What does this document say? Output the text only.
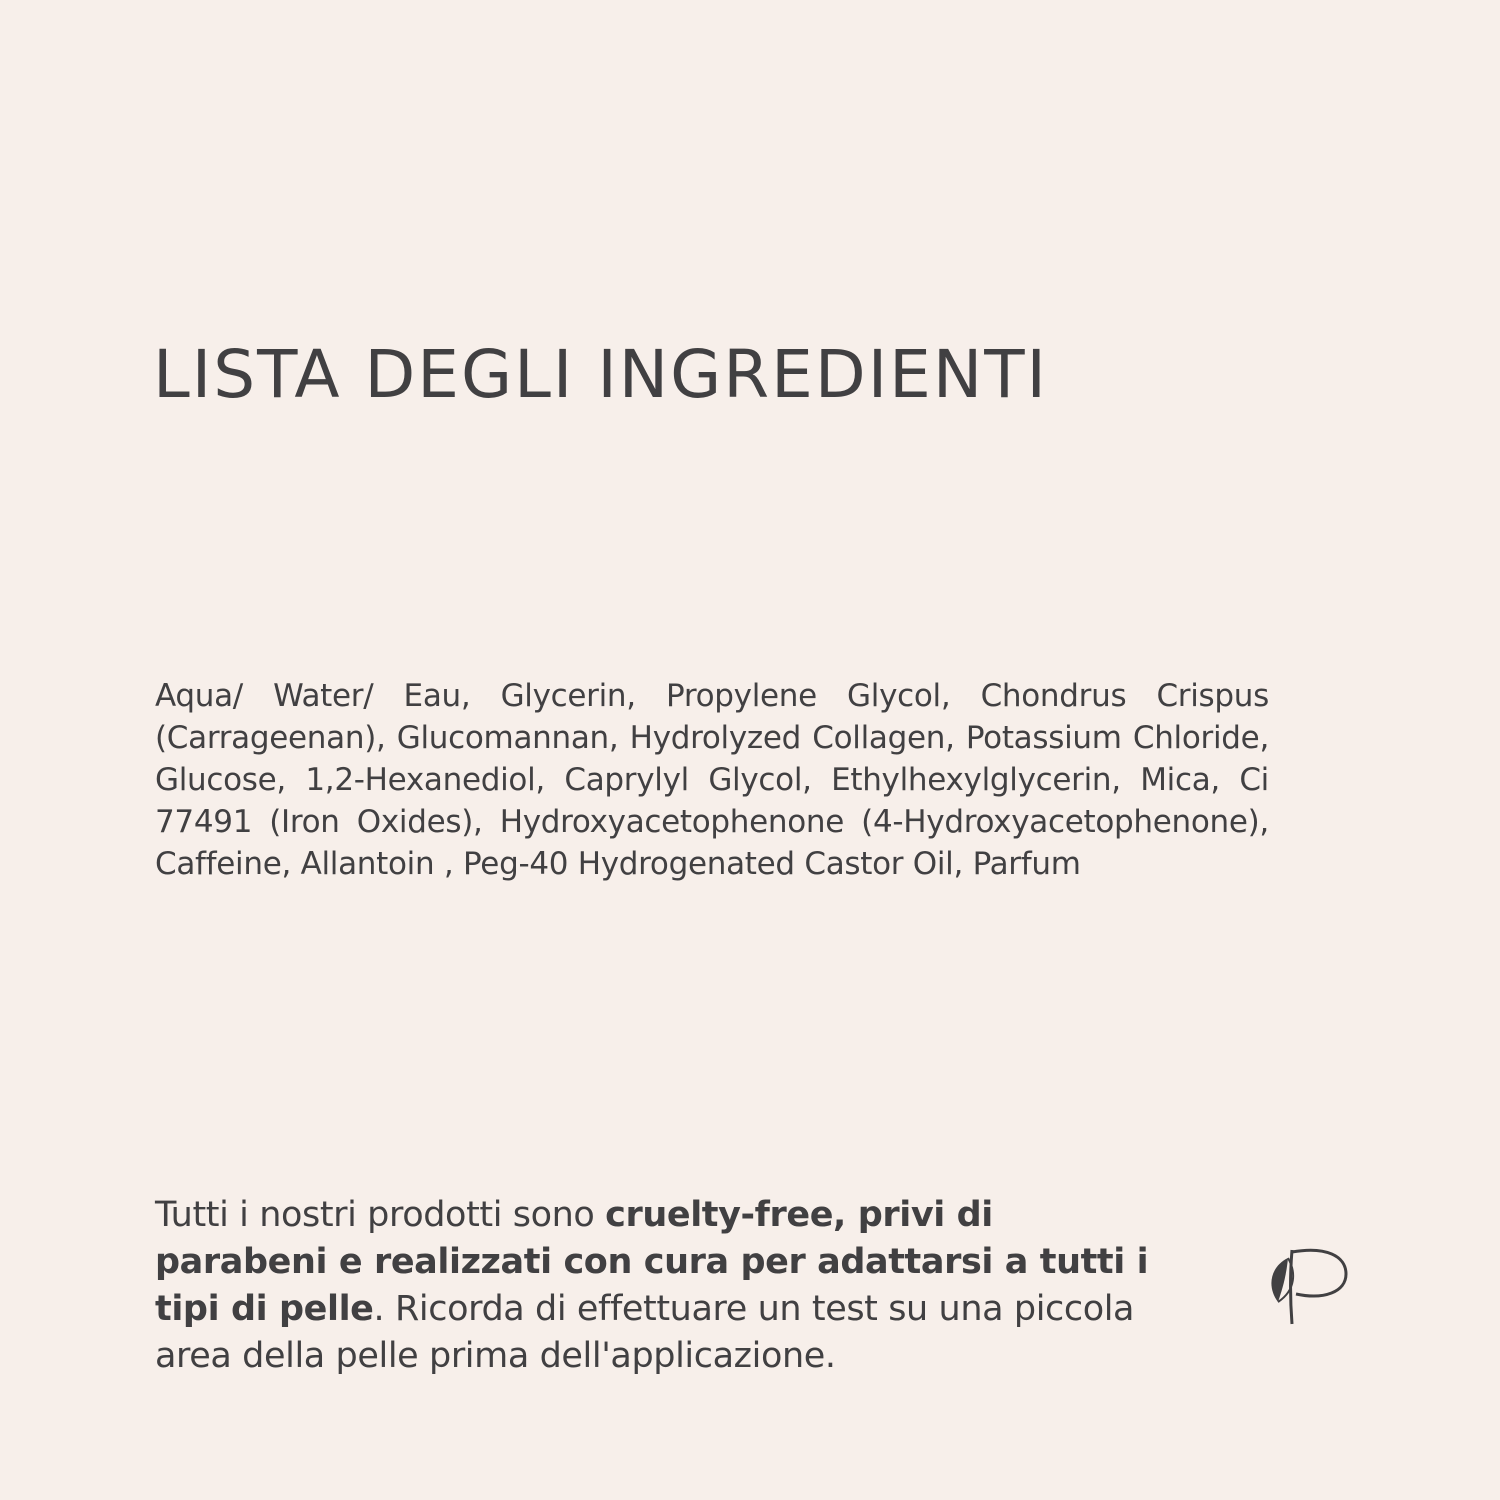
LISTA DEGLI INGREDIENTI

Aqua/ Water/ Eau, Glycerin, Propylene Glycol, Chondrus Crispus (Carrageenan), Glucomannan, Hydrolyzed Collagen, Potassium Chloride, Glucose, 1,2-Hexanediol, Caprylyl Glycol, Ethylhexylglycerin, Mica, Ci 77491 (Iron Oxides), Hydroxyacetophenone (4-Hydroxyacetophenone), Caffeine, Allantoin , Peg-40 Hydrogenated Castor Oil, Parfum

Tutti i nostri prodotti sono cruelty-free, privi di parabeni e realizzati con cura per adattarsi a tutti i tipi di pelle. Ricorda di effettuare un test su una piccola area della pelle prima dell'applicazione.
